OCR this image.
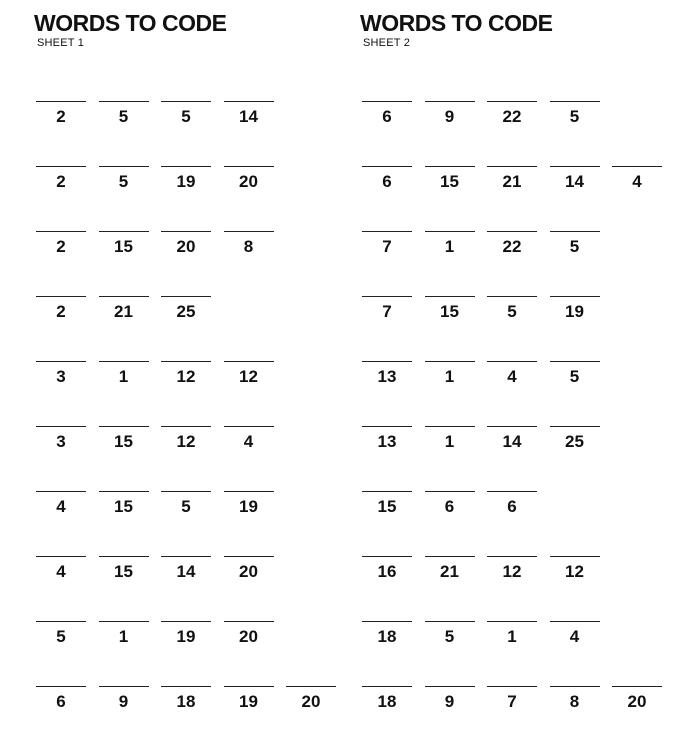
WORDS TO CODE
SHEET 1
2	5	5	14
2	5	19	20
2	15	20	8
2	21	25
3	1	12	12
3	15	12	4
4	15	5	19
4	15	14	20
5	1	19	20
6	9	18	19	20
WORDS TO CODE
SHEET 2
6	9	22	5
6	15	21	14	4
7	1	22	5
7	15	5	19
13	1	4	5
13	1	14	25
15	6	6
16	21	12	12
18	5	1	4
18	9	7	8	20
